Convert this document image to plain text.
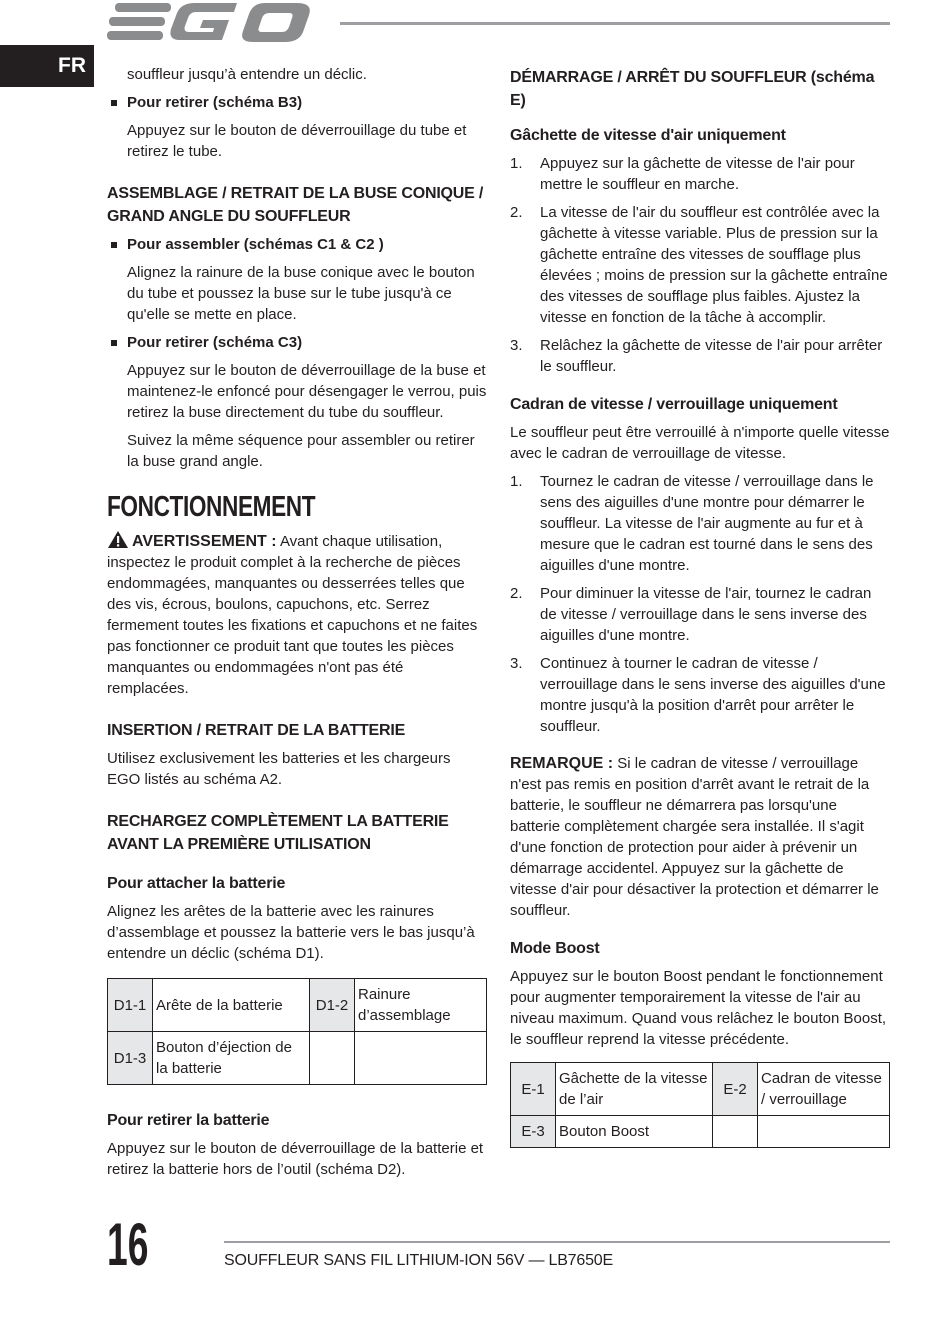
FR	souffleur jusqu’à entendre un déclic.

Pour retirer (schéma B3)

Appuyez sur le bouton de déverrouillage du tube et retirez le tube.

ASSEMBLAGE / RETRAIT DE LA BUSE CONIQUE / GRAND ANGLE DU SOUFFLEUR
Pour assembler (schémas C1 & C2 )

Alignez la rainure de la buse conique avec le bouton du tube et poussez la buse sur le tube jusqu'à ce qu'elle se mette en place.

Pour retirer (schéma C3)

Appuyez sur le bouton de déverrouillage de la buse et maintenez-le enfoncé pour désengager le verrou, puis retirez la buse directement du tube du souffleur.

Suivez la même séquence pour assembler ou retirer la buse grand angle.

FONCTIONNEMENT

AVERTISSEMENT : Avant chaque utilisation, inspectez le produit complet à la recherche de pièces endommagées, manquantes ou desserrées telles que des vis, écrous, boulons, capuchons, etc. Serrez fermement toutes les fixations et capuchons et ne faites pas fonctionner ce produit tant que toutes les pièces manquantes ou endommagées n'ont pas été remplacées.

INSERTION / RETRAIT DE LA BATTERIE

Utilisez exclusivement les batteries et les chargeurs EGO listés au schéma A2.

RECHARGEZ COMPLÈTEMENT LA BATTERIE AVANT LA PREMIÈRE UTILISATION
Pour attacher la batterie

Alignez les arêtes de la batterie avec les rainures d’assemblage et poussez la batterie vers le bas jusqu’à entendre un déclic (schéma D1).

D1-1	Arête de la batterie	D1-2	Rainure d’assemblage
D1-3	Bouton d’éjection de la batterie		
Pour retirer la batterie

Appuyez sur le bouton de déverrouillage de la batterie et retirez la batterie hors de l’outil (schéma D2).

DÉMARRAGE / ARRÊT DU SOUFFLEUR (schéma E)
Gâchette de vitesse d'air uniquement
1. Appuyez sur la gâchette de vitesse de l'air pour mettre le souffleur en marche.
2. La vitesse de l'air du souffleur est contrôlée avec la gâchette à vitesse variable. Plus de pression sur la gâchette entraîne des vitesses de soufflage plus élevées ; moins de pression sur la gâchette entraîne des vitesses de soufflage plus faibles. Ajustez la vitesse en fonction de la tâche à accomplir.
3. Relâchez la gâchette de vitesse de l'air pour arrêter le souffleur.
Cadran de vitesse / verrouillage uniquement

Le souffleur peut être verrouillé à n'importe quelle vitesse avec le cadran de verrouillage de vitesse.

1. Tournez le cadran de vitesse / verrouillage dans le sens des aiguilles d'une montre pour démarrer le souffleur. La vitesse de l'air augmente au fur et à mesure que le cadran est tourné dans le sens des aiguilles d'une montre.
2. Pour diminuer la vitesse de l'air, tournez le cadran de vitesse / verrouillage dans le sens inverse des aiguilles d'une montre.
3. Continuez à tourner le cadran de vitesse / verrouillage dans le sens inverse des aiguilles d'une montre jusqu'à la position d'arrêt pour arrêter le souffleur.

REMARQUE : Si le cadran de vitesse / verrouillage n'est pas remis en position d'arrêt avant le retrait de la batterie, le souffleur ne démarrera pas lorsqu'une batterie complètement chargée sera installée. Il s'agit d'une fonction de protection pour aider à prévenir un démarrage accidentel. Appuyez sur la gâchette de vitesse d'air pour désactiver la protection et démarrer le souffleur.

Mode Boost

Appuyez sur le bouton Boost pendant le fonctionnement pour augmenter temporairement la vitesse de l'air au niveau maximum. Quand vous relâchez le bouton Boost, le souffleur reprend la vitesse précédente.

E-1	Gâchette de la vitesse de l’air	E-2	Cadran de vitesse / verrouillage
E-3	Bouton Boost		
16	SOUFFLEUR SANS FIL LITHIUM-ION 56V — LB7650E
